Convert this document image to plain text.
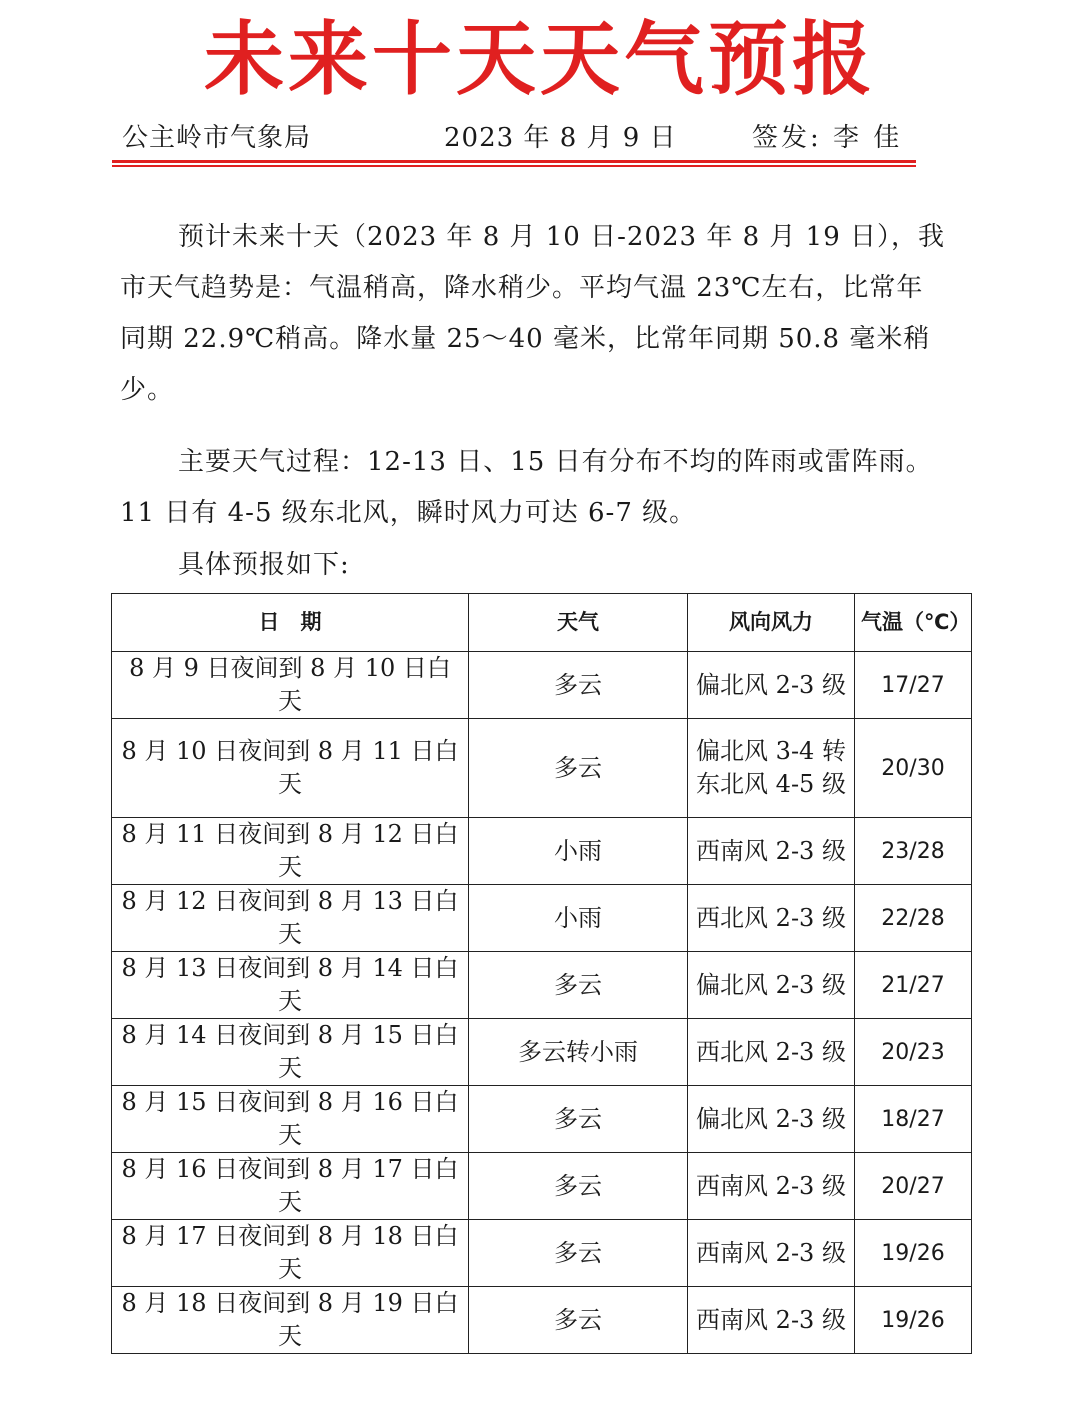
未来十天天气预报
公主岭市气象局	2023 年 8 月 9 日	签发: 李 佳

预计未来十天（2023 年 8 月 10 日-2023 年 8 月 19 日），我市天气趋势是：气温稍高，降水稍少。平均气温 23℃左右，比常年同期 22.9℃稍高。降水量 25～40 毫米，比常年同期 50.8 毫米稍少。

主要天气过程：12-13 日、15 日有分布不均的阵雨或雷阵雨。11 日有 4-5 级东北风，瞬时风力可达 6-7 级。

具体预报如下:

日　期	天气	风向风力	气温（℃）
8 月 9 日夜间到 8 月 10 日白天	多云	偏北风 2-3 级	17/27
8 月 10 日夜间到 8 月 11 日白天	多云	偏北风 3-4 转东北风 4-5 级	20/30
8 月 11 日夜间到 8 月 12 日白天	小雨	西南风 2-3 级	23/28
8 月 12 日夜间到 8 月 13 日白天	小雨	西北风 2-3 级	22/28
8 月 13 日夜间到 8 月 14 日白天	多云	偏北风 2-3 级	21/27
8 月 14 日夜间到 8 月 15 日白天	多云转小雨	西北风 2-3 级	20/23
8 月 15 日夜间到 8 月 16 日白天	多云	偏北风 2-3 级	18/27
8 月 16 日夜间到 8 月 17 日白天	多云	西南风 2-3 级	20/27
8 月 17 日夜间到 8 月 18 日白天	多云	西南风 2-3 级	19/26
8 月 18 日夜间到 8 月 19 日白天	多云	西南风 2-3 级	19/26
